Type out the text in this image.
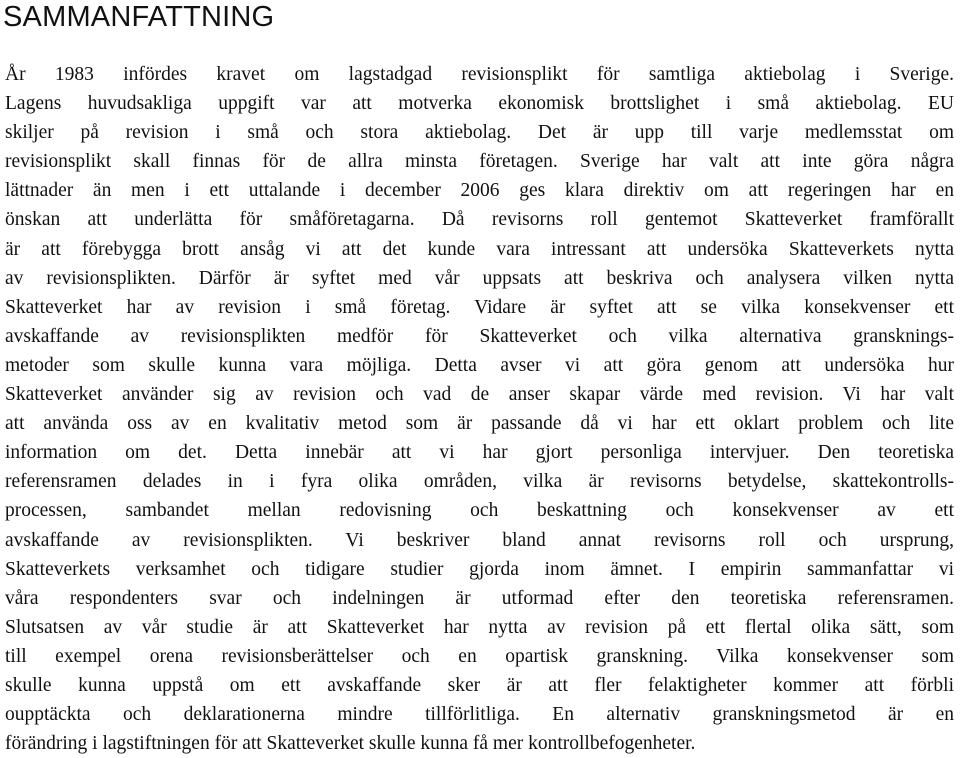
SAMMANFATTNING
År 1983 infördes kravet om lagstadgad revisionsplikt för samtliga aktiebolag i Sverige.
Lagens huvudsakliga uppgift var att motverka ekonomisk brottslighet i små aktiebolag. EU
skiljer på revision i små och stora aktiebolag. Det är upp till varje medlemsstat om
revisionsplikt skall finnas för de allra minsta företagen. Sverige har valt att inte göra några
lättnader än men i ett uttalande i december 2006 ges klara direktiv om att regeringen har en
önskan att underlätta för småföretagarna. Då revisorns roll gentemot Skatteverket framförallt
är att förebygga brott ansåg vi att det kunde vara intressant att undersöka Skatteverkets nytta
av revisionsplikten. Därför är syftet med vår uppsats att beskriva och analysera vilken nytta
Skatteverket har av revision i små företag. Vidare är syftet att se vilka konsekvenser ett
avskaffande av revisionsplikten medför för Skatteverket och vilka alternativa gransknings-
metoder som skulle kunna vara möjliga. Detta avser vi att göra genom att undersöka hur
Skatteverket använder sig av revision och vad de anser skapar värde med revision. Vi har valt
att använda oss av en kvalitativ metod som är passande då vi har ett oklart problem och lite
information om det. Detta innebär att vi har gjort personliga intervjuer. Den teoretiska
referensramen delades in i fyra olika områden, vilka är revisorns betydelse, skattekontrolls-
processen, sambandet mellan redovisning och beskattning och konsekvenser av ett
avskaffande av revisionsplikten. Vi beskriver bland annat revisorns roll och ursprung,
Skatteverkets verksamhet och tidigare studier gjorda inom ämnet. I empirin sammanfattar vi
våra respondenters svar och indelningen är utformad efter den teoretiska referensramen.
Slutsatsen av vår studie är att Skatteverket har nytta av revision på ett flertal olika sätt, som
till exempel orena revisionsberättelser och en opartisk granskning. Vilka konsekvenser som
skulle kunna uppstå om ett avskaffande sker är att fler felaktigheter kommer att förbli
oupptäckta och deklarationerna mindre tillförlitliga. En alternativ granskningsmetod är en
förändring i lagstiftningen för att Skatteverket skulle kunna få mer kontrollbefogenheter.
